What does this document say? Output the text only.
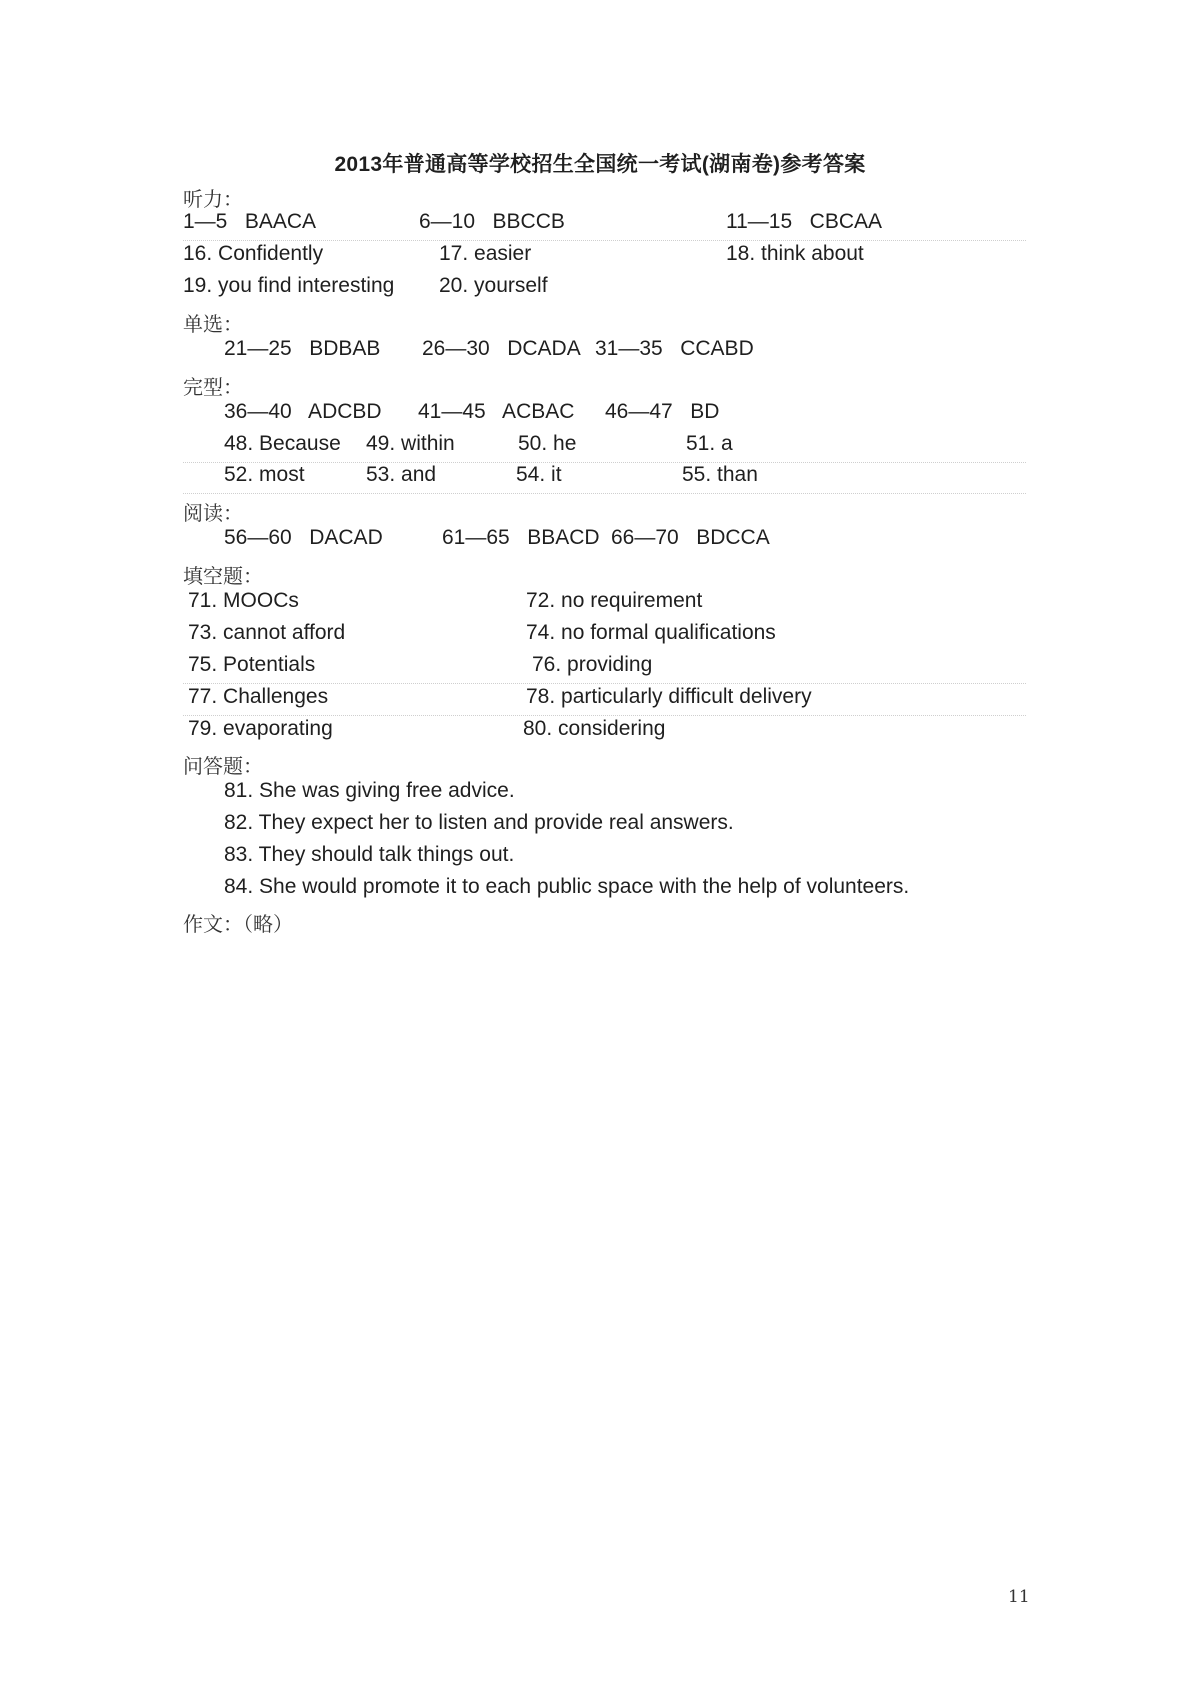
2013年普通高等学校招生全国统一考试(湖南卷)参考答案
听力：
1—5   BAACA	6—10   BBCCB	11—15   CBCAA
16. Confidently	17. easier	18. think about
19. you find interesting 20. yourself
单选：
21—25   BDBAB 26—30   DCADA 31—35   CCABD
完型：
36—40   ADCBD 41—45   ACBAC 46—47   BD
48. Because 49. within	50. he	51. a
52. most	53. and	54. it	55. than
阅读：
56—60   DACAD	61—65   BBACD 66—70   BDCCA
填空题：
71. MOOCs	72. no requirement
73. cannot afford	74. no formal qualifications
75. Potentials	76. providing
77. Challenges	78. particularly difficult delivery
79. evaporating	80. considering
问答题：
81. She was giving free advice.
82. They expect her to listen and provide real answers.
83. They should talk things out.
84. She would promote it to each public space with the help of volunteers.
作文：（略）
11
